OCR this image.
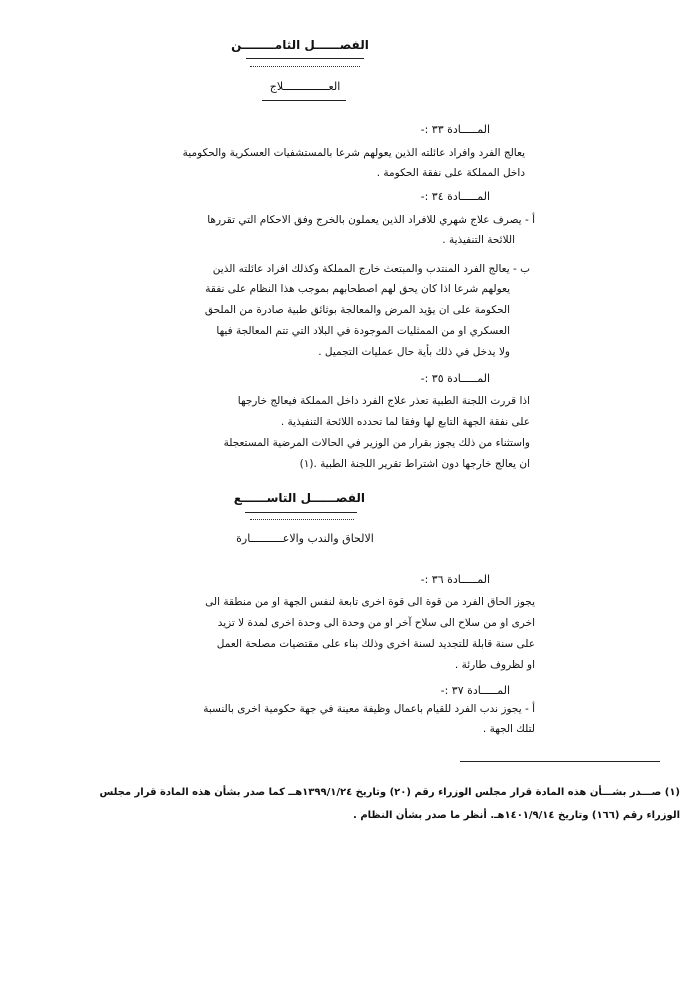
الفصــــــل الثامــــــــن
العــــــــــــــلاج
المـــــادة ٣٣ :-
يعالج الفرد وافراد عائلته الذين يعولهم شرعا بالمستشفيات العسكرية والحكومية
داخل المملكة على نفقة الحكومة .
المـــــادة ٣٤ :-
أ - يصرف علاج شهري للافراد الذين يعملون بالخرج وفق الاحكام التي تقررها
اللائحة التنفيذية .
ب - يعالج الفرد المنتدب والمبتعث خارج المملكة وكذلك افراد عائلته الذين
يعولهم شرعا اذا كان يحق لهم اصطحابهم بموجب هذا النظام على نفقة
الحكومة على ان يؤيد المرض والمعالجة بوثائق طبية صادرة من الملحق
العسكري او من الممثليات الموجودة في البلاد التي تتم المعالجة فيها
ولا يدخل في ذلك بأية حال عمليات التجميل .
المـــــادة ٣٥ :-
اذا قررت اللجنة الطبية تعذر علاج الفرد داخل المملكة فيعالج خارجها
على نفقة الجهة التابع لها وفقا لما تحدده اللائحة التنفيذية .
واستثناء من ذلك يجوز بقرار من الوزير في الحالات المرضية المستعجلة
ان يعالج خارجها دون اشتراط تقرير اللجنة الطبية .(١)
الفصــــــل التاســــــع
الالحاق والندب والاعــــــــــارة
المـــــادة ٣٦ :-
يجوز الحاق الفرد من قوة الى قوة اخرى تابعة لنفس الجهة او من منطقة الى
اخرى او من سلاح الى سلاح آخر او من وحدة الى وحدة اخرى لمدة لا تزيد
على سنة قابلة للتجديد لسنة اخرى وذلك بناء على مقتضيات مصلحة العمل
او لظروف طارئة .
المـــــادة ٣٧ :-
أ - يجوز ندب الفرد للقيام باعمال وظيفة معينة في جهة حكومية اخرى بالنسبة
لتلك الجهة .
(١) صـــدر بشـــأن هذه المادة قرار مجلس الوزراء رقم (٢٠) وتاريخ ١٣٩٩/١/٢٤هــ كما صدر بشأن هذه المادة قرار مجلس
الوزراء رقم (١٦٦) وتاريخ ١٤٠١/٩/١٤هـ. أنظر ما صدر بشأن النظام .
